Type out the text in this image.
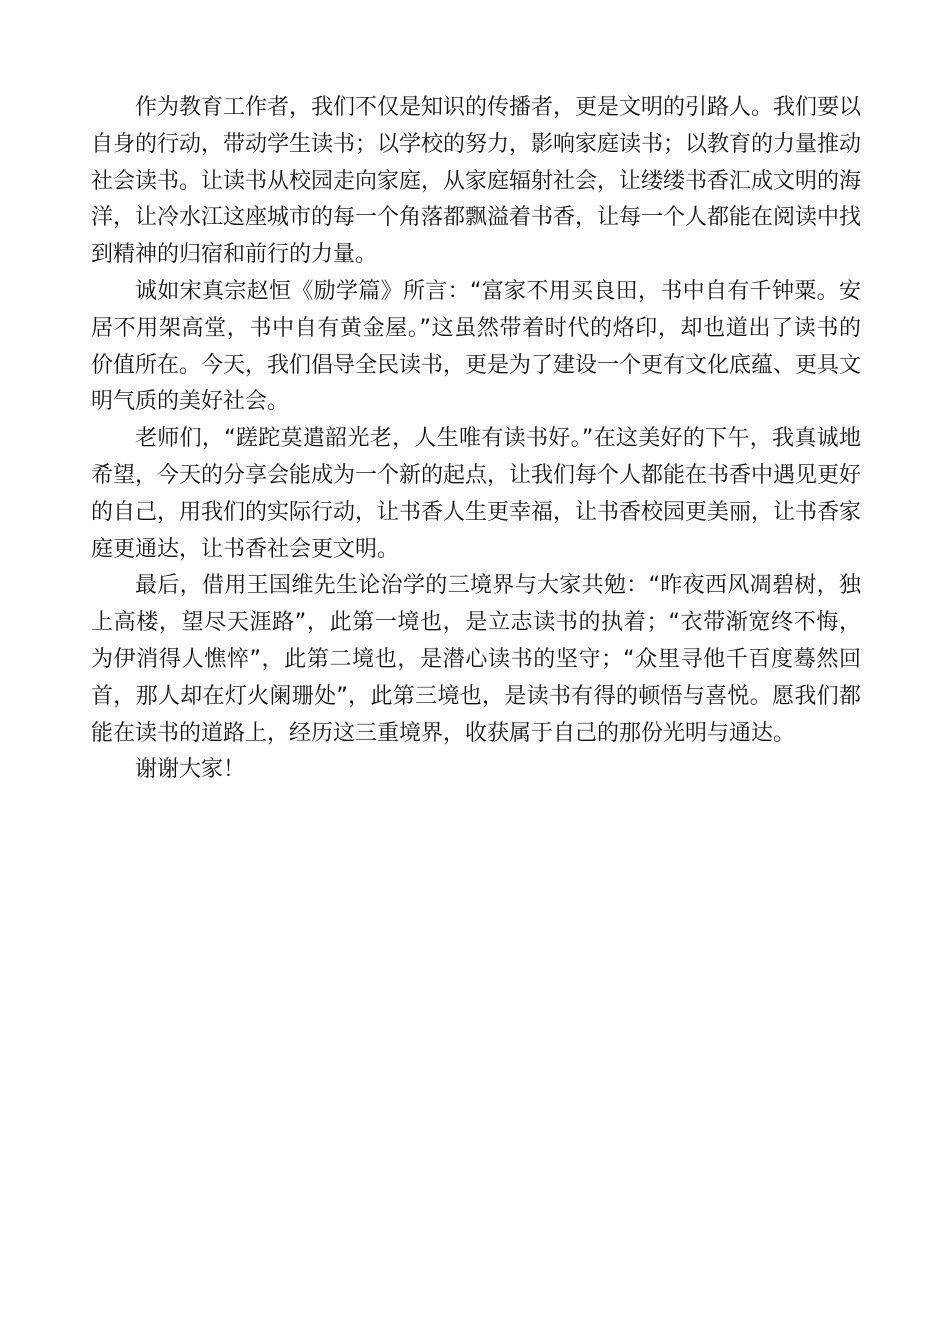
作为教育工作者，我们不仅是知识的传播者，更是文明的引路人。我们要以自身的行动，带动学生读书；以学校的努力，影响家庭读书；以教育的力量推动社会读书。让读书从校园走向家庭，从家庭辐射社会，让缕缕书香汇成文明的海洋，让冷水江这座城市的每一个角落都飘溢着书香，让每一个人都能在阅读中找到精神的归宿和前行的力量。

诚如宋真宗赵恒《励学篇》所言：“富家不用买良田，书中自有千钟粟。安居不用架高堂，书中自有黄金屋。”这虽然带着时代的烙印，却也道出了读书的价值所在。今天，我们倡导全民读书，更是为了建设一个更有文化底蕴、更具文明气质的美好社会。

老师们，“蹉跎莫遣韶光老，人生唯有读书好。”在这美好的下午，我真诚地希望，今天的分享会能成为一个新的起点，让我们每个人都能在书香中遇见更好的自己，用我们的实际行动，让书香人生更幸福，让书香校园更美丽，让书香家庭更通达，让书香社会更文明。

最后，借用王国维先生论治学的三境界与大家共勉：“昨夜西风凋碧树，独上高楼，望尽天涯路”，此第一境也，是立志读书的执着；“衣带渐宽终不悔，为伊消得人憔悴”，此第二境也，是潜心读书的坚守；“众里寻他千百度蓦然回首，那人却在灯火阑珊处”，此第三境也，是读书有得的顿悟与喜悦。愿我们都能在读书的道路上，经历这三重境界，收获属于自己的那份光明与通达。

谢谢大家！
